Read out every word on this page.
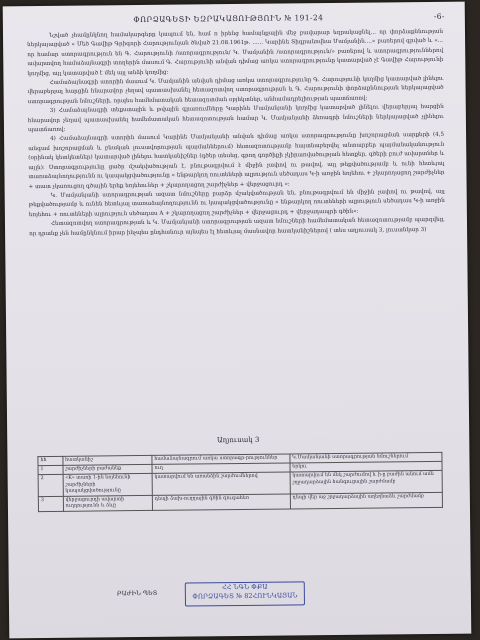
ՓՈՐՁԱԳԵՏԻ ԵԶՐԱԿԱՑՈՒԹՅՈՒՆ № 191-24	-6-

Նշված չհամընկնող համակարգերը կապում են, համ ռ իրենց համայնքային մեջ բավարար եզրակացնել... որ փորձաքննության ներկայացված « Մեծ Գավիթ Գրիգորի Հարությունյան ծնված 21.08.1961թ. ...... Կարինե Տիգրանովնա Մամյանին....» բառերով գրված և «... որ համար ստորագրություն են Գ. Հարությունի /ստորագրություն/ Կ. Մամյանին /ստորագրություն/» բառերով և ստորագրություններով ավարտվող համաձայնագրի տողերին մասում Գ. Հարությունի անվան դիմաց առկա ստորագրությունը կատարված չէ Գավիթ Հարությունի կողմից, այլ կատարված է մեկ այլ անձի կողմից:

Համաձայնագրի ստորին մասում Կ. Մամյանին անվան դիմաց առկա ստորագրությունը Գ. Հարությունի կողմից կատարված լինելու վերաբերյալ հարցին հնարավոր չեղավ պատասխանել հետազոտվող ստորագրության և Գ. Հարությունի փորձաքննության ներկայացված ստորագրության նմուշների, որպես համեմատական հետազոտման օբյեկտներ, անհամադրելիության պատճառով:

3) Համաձայնագրի տեքստային և թվային գրառումները Կարինե Մամյանյանի կողմից կատարված լինելու վերաբերյալ հարցին հնարավոր չեղավ պատասխանել համեմատական հետազոտության համար Կ. Մամյանյանի ձեռագրի նմուշների ներկայացված չլինելու պատճառով:

4) Համաձայնագրի ստորին մասում Կարինե Մամյանյանի անվան դիմաց առկա ստորագրությունը խոշորացման սարքերի (4,5 անգամ խոշորացման և բնական լուսավորության պայմաններում) հետազոտությամբ հայտնաբերվել անտարբեր պայմանականություն (օրինակ կետկետներ) կատարված լինելու հատկանիշներ (գծեր տեսեց, գրող գործիքի չկիրառվածության հետքեր, գծերի բուժ ավարտներ և այլն): Ստորագրությունը ցածր մշակվածության է, բնութագրվում է միջին չափով ու թավով, այլ թեքվածությամբ և ունի հետևյալ տառաձայնողությունն ու կապակցվածությունը « ենթարկող ռուտեների ալրություն սեծադաս Կ-ի առջին եռյեհու + շկարողացող շարժիչներ + տատ չկառուցող գծային երեք եռյեհուներ + շկարողացող շարժիչներ + վերջացուրդ »:

Կ. Մամյանյանի ստորագրության ազատ նմուշները բարձր մշակվածության են, բնութագրվում են միջին չափով ու թավով, այլ թեքվածությամբ և ունեն հետևյալ տառաձայնողությունն ու կապակցվածությունը « ենթարկող ռուտեների ալրություն սեծադաս Կ-ի առջին եռյեհու + ռուտեների ալրություն սեծադաս A + շկարողացող շարժիչներ + վերջացուրդ + վերջադապրի գծին»:

Հետազոտվող ստորագրության և Կ. Մամյանյանի ստորագրության ազատ նմուշների համեմատական հետազոտությամբ պարզվեց, որ դրանք չեն համընկնում իրար ինչպես ընդհանուր այնպես էլ հետևյալ մասնավոր հատկանիշներով ( տես աղյուսակ 3, լուսանկար 3)

Աղյուսակ 3
հհ	հատկանիշ	համաձայնագրում առկա ստորագր-րություններ	Կ.Մամյանյանի ստորագրության նմուշներում
1	շարժիչների բաժանեք	ուղ	երկու
2	«K» տառի 1-ին եռյեհունի շարժիչների կապակցվածությունը	կատարվում են առանձին շարժումներով	կատարվում են մեկ շարժումով և ի-ը բաժին անում ամն շղջադարձային հանգուցային շարժմամբ
3	վերջացուրդի ավարտի ուղղությունն և ձևը	դեպի ձախ-ուղղային գծին զուգահեռ	դեպի վեր աջ շրջադարձային աղեղնաձև շարժմամբ
ԲԱԺԻՆ ՊԵՏ
ՀՀ ՆԳՆ ՓՔԱ
ՓՈՐՁԱԳԵՏ № 82ՀՈՒՆԿԱՅԱՆ
